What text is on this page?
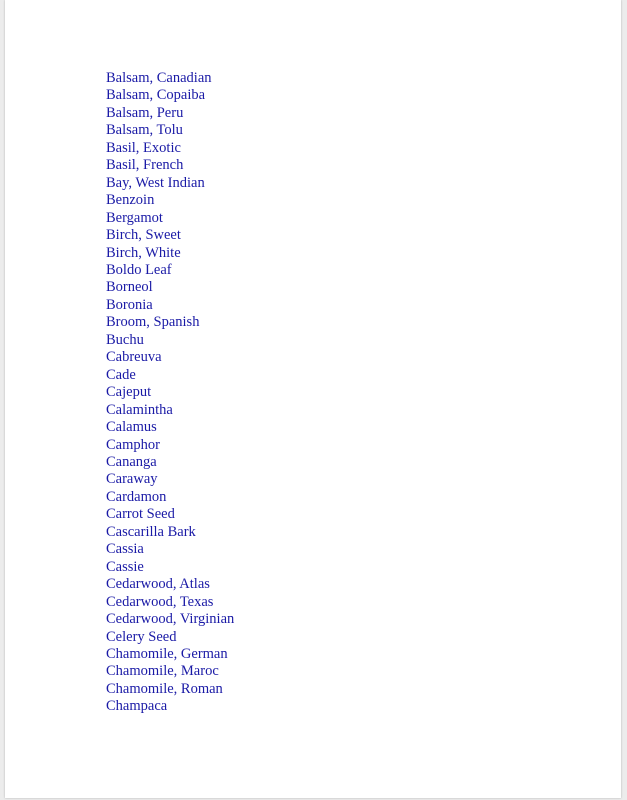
Balsam, Canadian
Balsam, Copaiba
Balsam, Peru
Balsam, Tolu
Basil, Exotic
Basil, French
Bay, West Indian
Benzoin
Bergamot
Birch, Sweet
Birch, White
Boldo Leaf
Borneol
Boronia
Broom, Spanish
Buchu
Cabreuva
Cade
Cajeput
Calamintha
Calamus
Camphor
Cananga
Caraway
Cardamon
Carrot Seed
Cascarilla Bark
Cassia
Cassie
Cedarwood, Atlas
Cedarwood, Texas
Cedarwood, Virginian
Celery Seed
Chamomile, German
Chamomile, Maroc
Chamomile, Roman
Champaca
